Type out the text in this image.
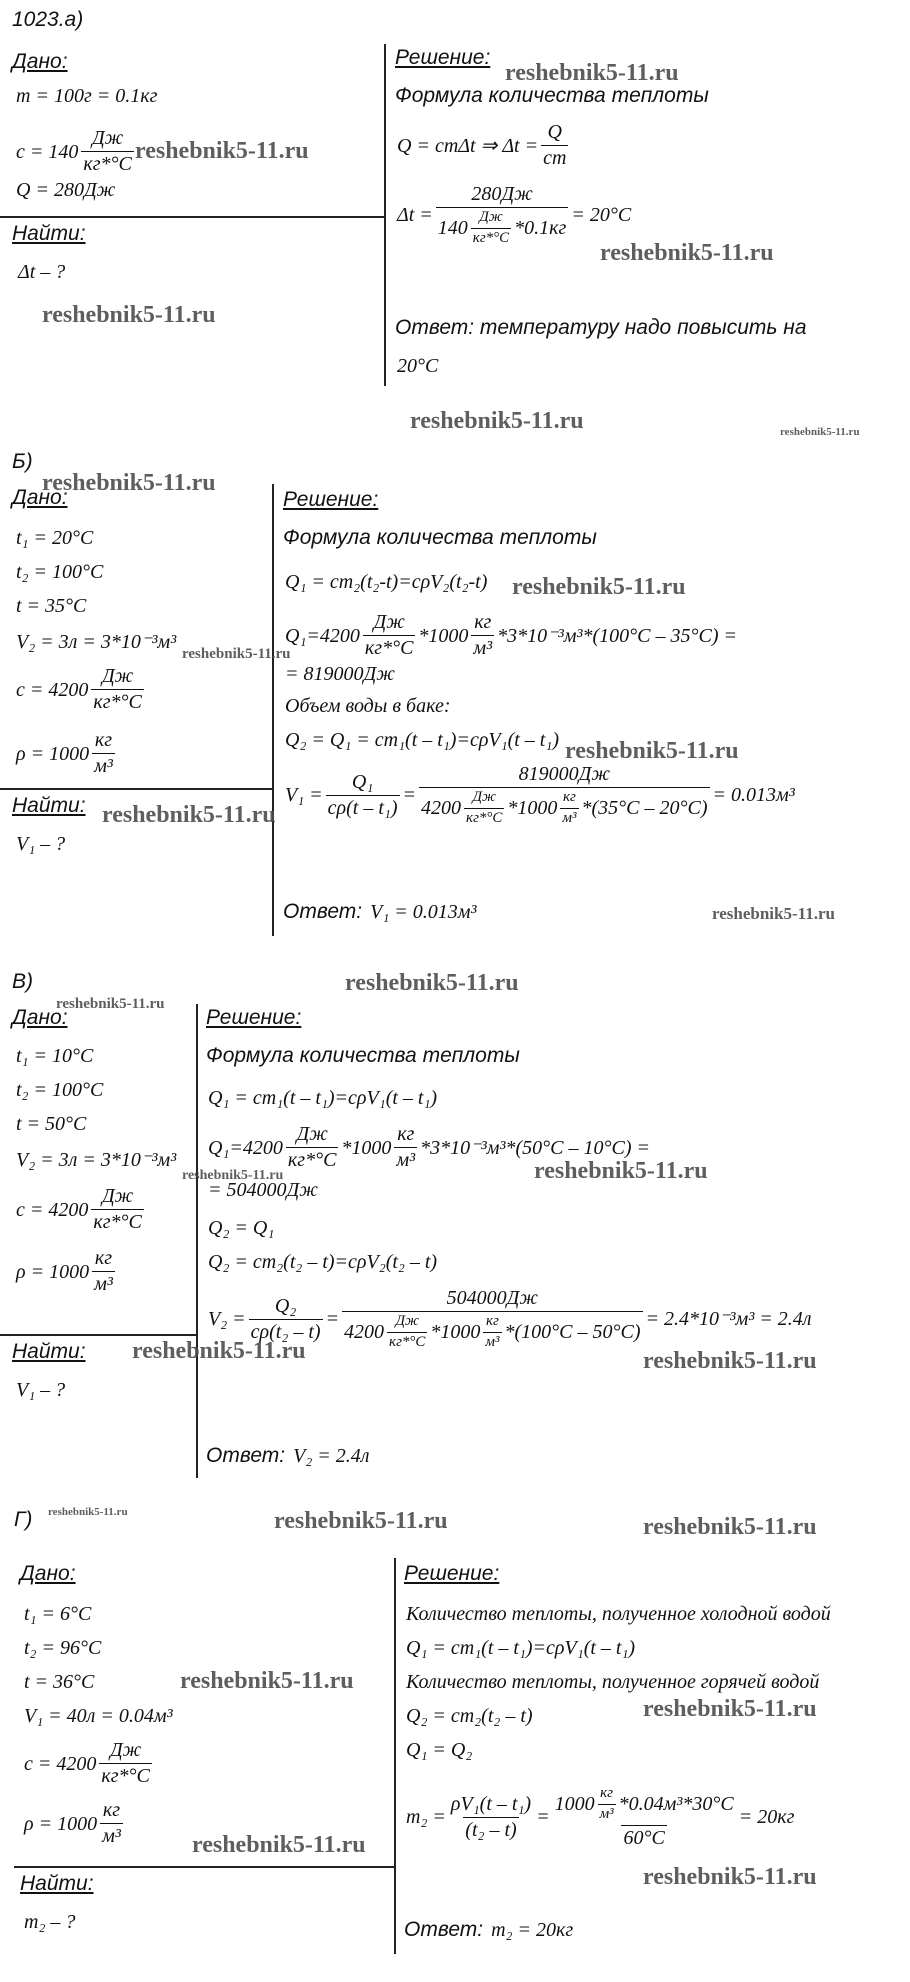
1023.а)
Дано:
m = 100г = 0.1кг
$c = 140 \frac{Дж}{кг*^\circ С}$
Q = 280Дж
Найти:
Δt – ?
Решение:
Формула количества теплоты
Q = cmΔt ⇒ $\Delta t = \frac{Q}{cm}$
$\Delta t = \frac{280Дж}{140 \frac{Дж}{кг*^\circ С} *0.1кг} = 20^\circ С$
Ответ: температуру надо повысить на
20°С
Б)
Дано:
t₁ = 20°С
t₂ = 100°С
t = 35°С
V₂ = 3л = 3*10⁻³м³
$c = 4200 \frac{Дж}{кг*^\circ С}$
$\rho = 1000 \frac{кг}{\text{м³}}$
Найти:
V₁ – ?
Решение:
Формула количества теплоты
Q₁ = cm₂(t₂-t)=cρV₂(t₂-t)
$Q_1=4200 \frac{Дж}{кг*^\circ С} *1000 \frac{кг}{\text{м³}} *3*10^{-3}м^3*(100^\circ С - 35^\circ С)$ =
= 819000Дж
Объем воды в баке:
Q₂ = Q₁ = cm₁(t – t₁)=cρV₁(t – t₁)
$V_1 = \frac{\text{Q₁}}{\text{cρ(t – t₁)}}$ =
819000Дж
$4200 \frac{Дж}{кг*^\circ С} *1000 \frac{кг}{\text{м³}} *(35^\circ С - 20^\circ С)$
= 0.013м³
Ответ: V₁ = 0.013м³
В)
Дано:
t₁ = 10°С
t₂ = 100°С
t = 50°С
V₂ = 3л = 3*10⁻³м³
$c = 4200 \frac{Дж}{кг*^\circ С}$
$\rho = 1000 \frac{кг}{\text{м³}}$
Найти:
V₁ – ?
Решение:
Формула количества теплоты
Q₁ = cm₁(t – t₁)=cρV₁(t – t₁)
$Q_1=4200 \frac{Дж}{кг*^\circ С} *1000 \frac{кг}{\text{м³}} *3*10^{-3}м^3*(50^\circ С - 10^\circ С)$ =
= 504000Дж
Q₂ = Q₁
Q₂ = cm₂(t₂ – t)=cρV₂(t₂ – t)
$V_2 = \frac{\text{Q₂}}{\text{cρ(t₂ – t)}}$ =
504000Дж
$4200 \frac{Дж}{кг*^\circ С} *1000 \frac{кг}{\text{м³}} *(100^\circ С - 50^\circ С)$
= 2.4*10⁻³м³ = 2.4л
Ответ: V₂ = 2.4л
Г)
Дано:
t₁ = 6°С
t₂ = 96°С
t = 36°С
V₁ = 40л = 0.04м³
$c = 4200 \frac{Дж}{кг*^\circ С}$
$\rho = 1000 \frac{кг}{\text{м³}}$
Найти:
m₂ – ?
Решение:
Количество теплоты, полученное холодной водой
Q₁ = cm₁(t – t₁)=cρV₁(t – t₁)
Количество теплоты, полученное горячей водой
Q₂ = cm₂(t₂ – t)
Q₁ = Q₂
$m_2 = \frac{\text{ρV₁(t – t₁)}}{\text{(t₂ – t)}} = \frac{1000 \frac{кг}{\text{м³}} *0.04м^3*30^\circ С}{60^\circ С} = 20кг$
Ответ: m₂ = 20кг
reshebnik5-11.ru
reshebnik5-11.ru
reshebnik5-11.ru
reshebnik5-11.ru
reshebnik5-11.ru	reshebnik5-11.ru
reshebnik5-11.ru
reshebnik5-11.ru
reshebnik5-11.ru
reshebnik5-11.ru
reshebnik5-11.ru
reshebnik5-11.ru
reshebnik5-11.ru
reshebnik5-11.ru
reshebnik5-11.ru	reshebnik5-11.ru
reshebnik5-11.ru	reshebnik5-11.ru
reshebnik5-11.ru	reshebnik5-11.ru	reshebnik5-11.ru
reshebnik5-11.ru
reshebnik5-11.ru
reshebnik5-11.ru
reshebnik5-11.ru
